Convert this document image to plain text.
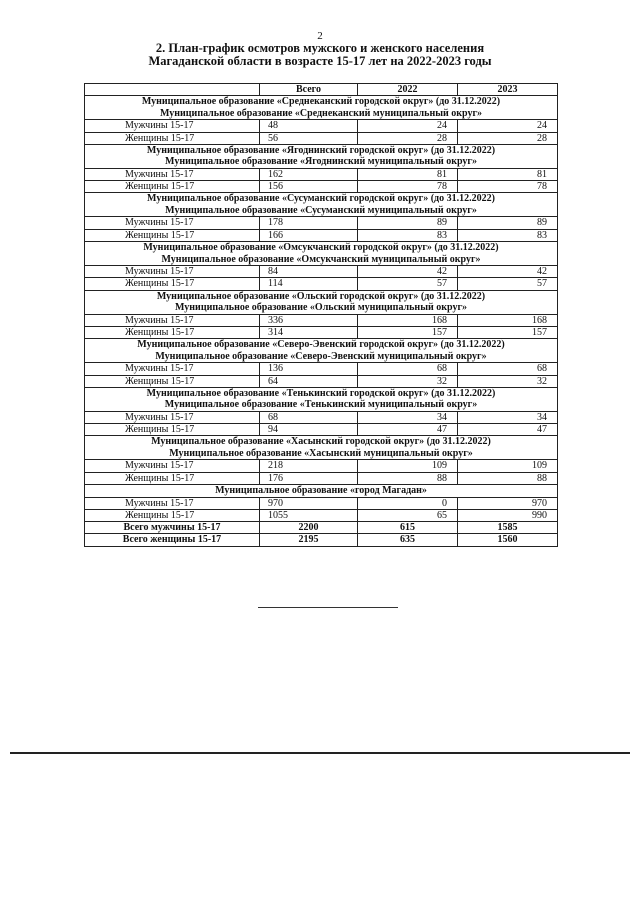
2
2. План-график осмотров мужского и женского населения
Магаданской области в возрасте 15-17 лет на 2022-2023 годы
	Всего	2022	2023

Муниципальное образование «Среднеканский городской округ» (до 31.12.2022)
Муниципальное образование «Среднеканский муниципальный округ»			

Мужчины 15-17	48	24	24
Женщины 15-17	56	28	28

Муниципальное образование «Ягоднинский городской округ» (до 31.12.2022)
Муниципальное образование «Ягоднинский муниципальный округ»			

Мужчины 15-17	162	81	81
Женщины 15-17	156	78	78

Муниципальное образование «Сусуманский городской округ» (до 31.12.2022)
Муниципальное образование «Сусуманский муниципальный округ»			

Мужчины 15-17	178	89	89
Женщины 15-17	166	83	83

Муниципальное образование «Омсукчанский городской округ» (до 31.12.2022)
Муниципальное образование «Омсукчанский муниципальный округ»			

Мужчины 15-17	84	42	42
Женщины 15-17	114	57	57

Муниципальное образование «Ольский городской округ» (до 31.12.2022)
Муниципальное образование «Ольский муниципальный округ»			

Мужчины 15-17	336	168	168
Женщины 15-17	314	157	157

Муниципальное образование «Северо-Эвенский городской округ» (до 31.12.2022)
Муниципальное образование «Северо-Эвенский муниципальный округ»			

Мужчины 15-17	136	68	68
Женщины 15-17	64	32	32

Муниципальное образование «Тенькинский городской округ» (до 31.12.2022)
Муниципальное образование «Тенькинский муниципальный округ»			

Мужчины 15-17	68	34	34
Женщины 15-17	94	47	47

Муниципальное образование «Хасынский городской округ» (до 31.12.2022)
Муниципальное образование «Хасынский муниципальный округ»			

Мужчины 15-17	218	109	109
Женщины 15-17	176	88	88

Муниципальное образование «город Магадан»			

Мужчины 15-17	970	0	970
Женщины 15-17	1055	65	990
Всего мужчины 15-17	2200	615	1585
Всего женщины 15-17	2195	635	1560
